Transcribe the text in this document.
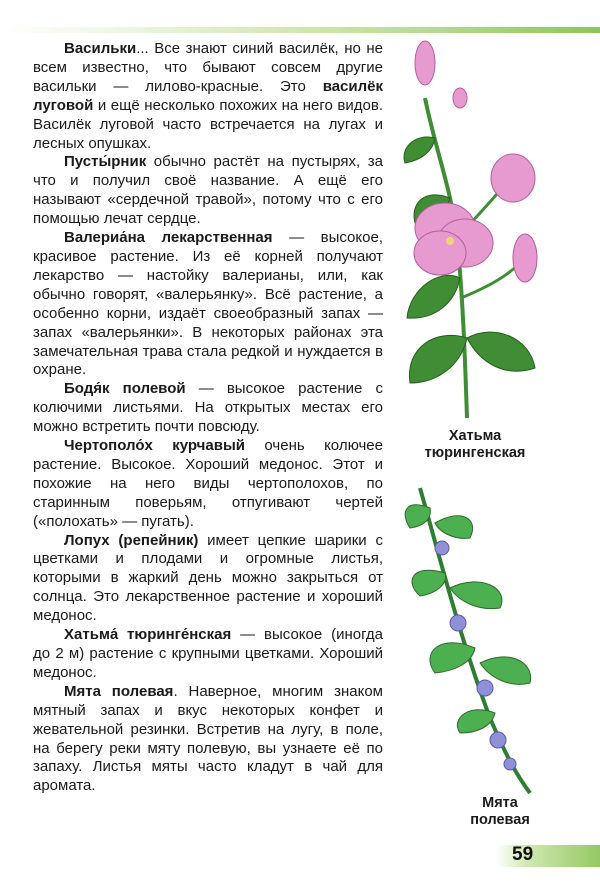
Васильки... Все знают синий василёк, но не всем известно, что бывают совсем другие васильки — лилово-красные. Это василёк луговой и ещё несколько похожих на него видов. Василёк луговой часто встречается на лугах и лесных опушках.

Пусты́рник обычно растёт на пустырях, за что и получил своё название. А ещё его называют «сердечной травой», потому что с его помощью лечат сердце.

Валериа́на лекарственная — высокое, красивое растение. Из её корней получают лекарство — настойку валерианы, или, как обычно говорят, «валерьянку». Всё растение, а особенно корни, издаёт своеобразный запах — запах «валерьянки». В некоторых районах эта замечательная трава стала редкой и нуждается в охране.

Бодя́к полевой — высокое растение с колючими листьями. На открытых местах его можно встретить почти повсюду.

Чертополо́х курчавый очень колючее растение. Высокое. Хороший медонос. Этот и похожие на него виды чертополохов, по старинным поверьям, отпугивают чертей («полохать» — пугать).

Лопух (репейник) имеет цепкие шарики с цветками и плодами и огромные листья, которыми в жаркий день можно закрыться от солнца. Это лекарственное растение и хороший медонос.

Хатьма́ тюринге́нская — высокое (иногда до 2 м) растение с крупными цветками. Хороший медонос.

Мята полевая. Наверное, многим знаком мятный запах и вкус некоторых конфет и жевательной резинки. Встретив на лугу, в поле, на берегу реки мяту полевую, вы узнаете её по запаху. Листья мяты часто кладут в чай для аромата.

Хатьма
тюрингенская
Мята
полевая
59
